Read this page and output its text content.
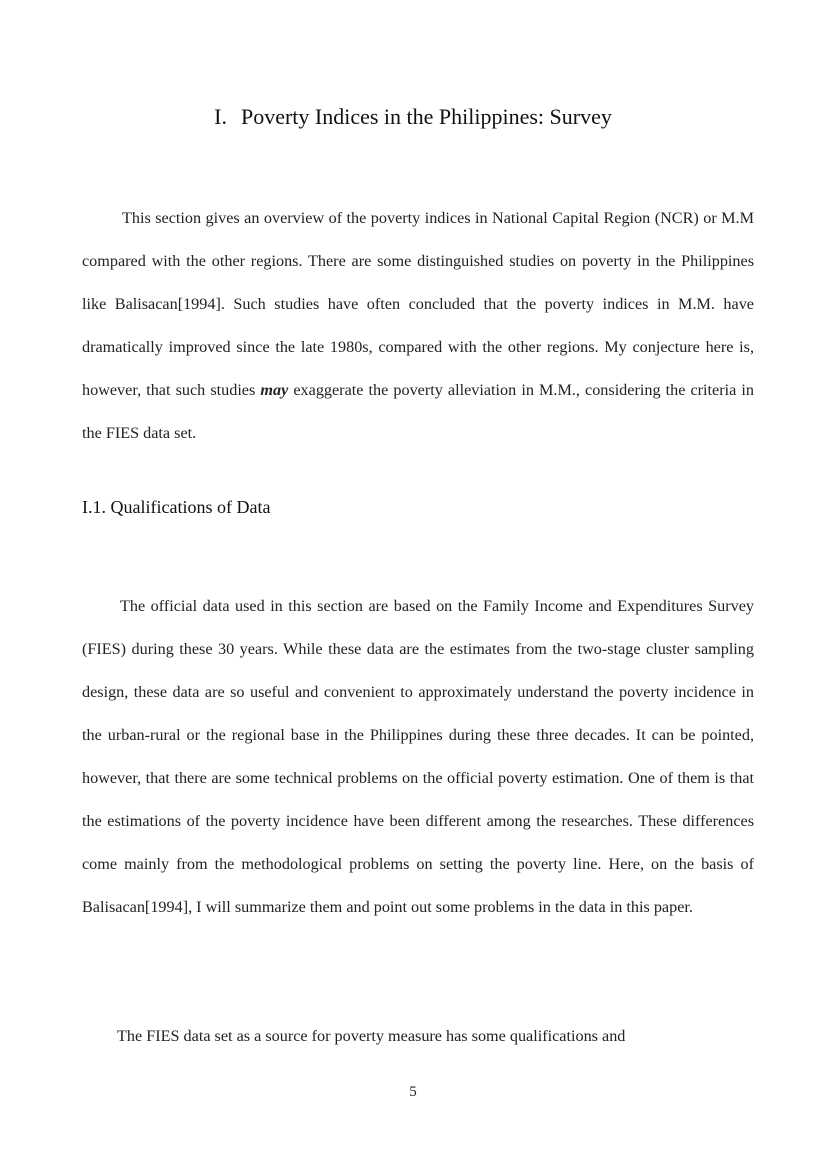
I. Poverty Indices in the Philippines: Survey

This section gives an overview of the poverty indices in National Capital Region (NCR) or M.M compared with the other regions. There are some distinguished studies on poverty in the Philippines like Balisacan[1994]. Such studies have often concluded that the poverty indices in M.M. have dramatically improved since the late 1980s, compared with the other regions. My conjecture here is, however, that such studies may exaggerate the poverty alleviation in M.M., considering the criteria in the FIES data set.

I.1. Qualifications of Data

The official data used in this section are based on the Family Income and Expenditures Survey (FIES) during these 30 years. While these data are the estimates from the two-stage cluster sampling design, these data are so useful and convenient to approximately understand the poverty incidence in the urban-rural or the regional base in the Philippines during these three decades. It can be pointed, however, that there are some technical problems on the official poverty estimation. One of them is that the estimations of the poverty incidence have been different among the researches. These differences come mainly from the methodological problems on setting the poverty line. Here, on the basis of Balisacan[1994], I will summarize them and point out some problems in the data in this paper.

The FIES data set as a source for poverty measure has some qualifications and

5
